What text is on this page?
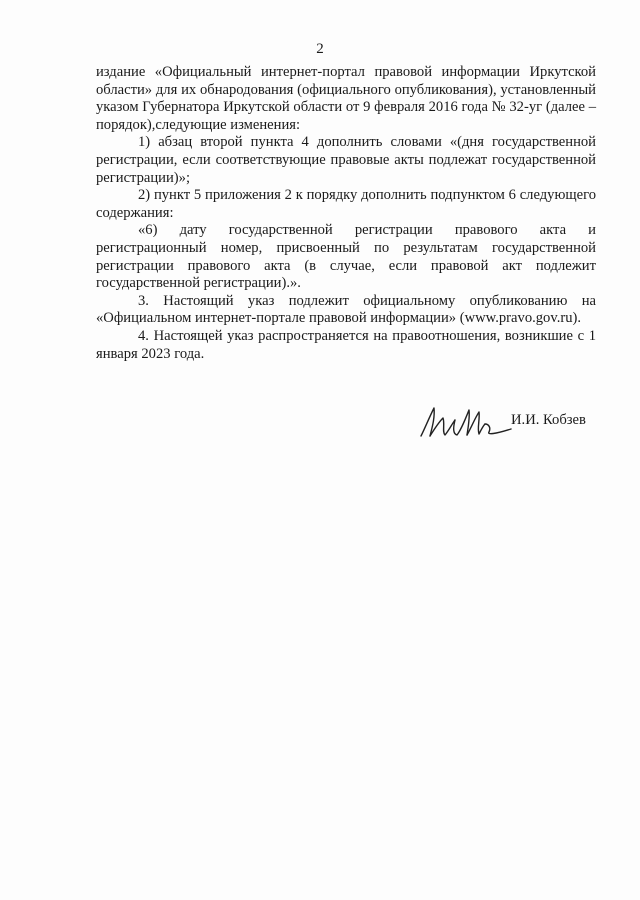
2

издание «Официальный интернет-портал правовой информации Иркутской области» для их обнародования (официального опубликования), установленный указом Губернатора Иркутской области от 9 февраля 2016 года № 32-уг (далее – порядок),следующие изменения:

1) абзац второй пункта 4 дополнить словами «(дня государственной регистрации, если соответствующие правовые акты подлежат государственной регистрации)»;

2) пункт 5 приложения 2 к порядку дополнить подпунктом 6 следующего содержания:

«6) дату государственной регистрации правового акта и регистрационный номер, присвоенный по результатам государственной регистрации правового акта (в случае, если правовой акт подлежит государственной регистрации).».

3. Настоящий указ подлежит официальному опубликованию на «Официальном интернет-портале правовой информации» (www.pravo.gov.ru).

4. Настоящей указ распространяется на правоотношения, возникшие с 1 января 2023 года.

И.И. Кобзев
